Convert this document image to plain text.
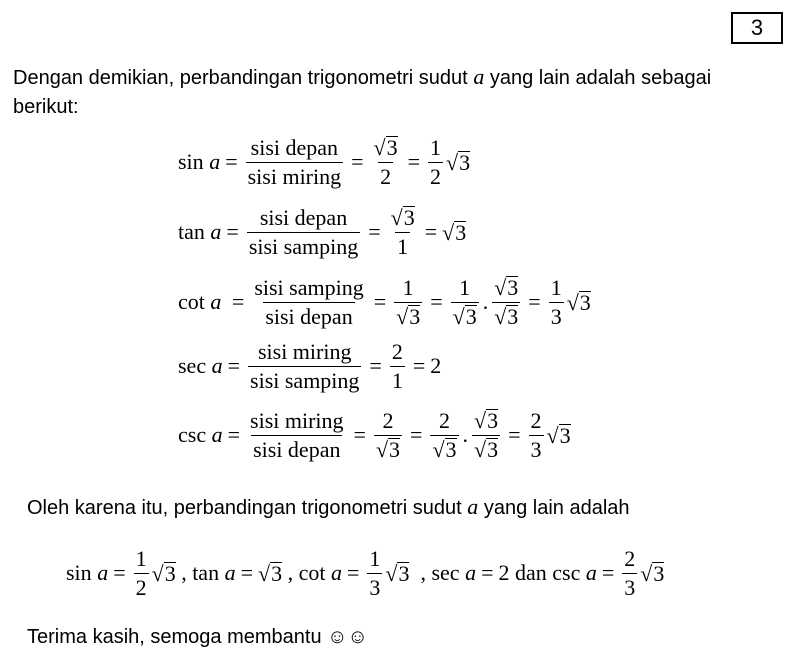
3
Dengan demikian, perbandingan trigonometri sudut a yang lain adalah sebagai
berikut:
sin
$a = \frac{\text{sisi depan}}{\text{sisi miring}} = \frac{√ 3}{2} = \frac{1}{2}$ √ 3
tan
$a = \frac{\text{sisi depan}}{\text{sisi samping}} = \frac{√ 3}{1}$ = √ 3
cot
$a = \frac{\text{sisi samping}}{\text{sisi depan}} = \frac{1}{√ 3} = \frac{1}{√ 3}$ . $\frac{√ 3}{√ 3} = \frac{1}{3}$ √ 3
sec
$a = \frac{\text{sisi miring}}{\text{sisi samping}} = \frac{2}{1} = 2$
csc
$a = \frac{\text{sisi miring}}{\text{sisi depan}} = \frac{2}{√ 3} = \frac{2}{√ 3}$ . $\frac{√ 3}{√ 3} = \frac{2}{3}$ √ 3
Oleh karena itu, perbandingan trigonometri sudut a yang lain adalah
sin
$a = \frac{1}{2}$ √ 3 , tan
a = √ 3 , cot
$a = \frac{1}{3}$ √ 3 , sec
a = 2
dan
csc
$a = \frac{2}{3}$ √ 3
Terima kasih, semoga membantu ☺☺
